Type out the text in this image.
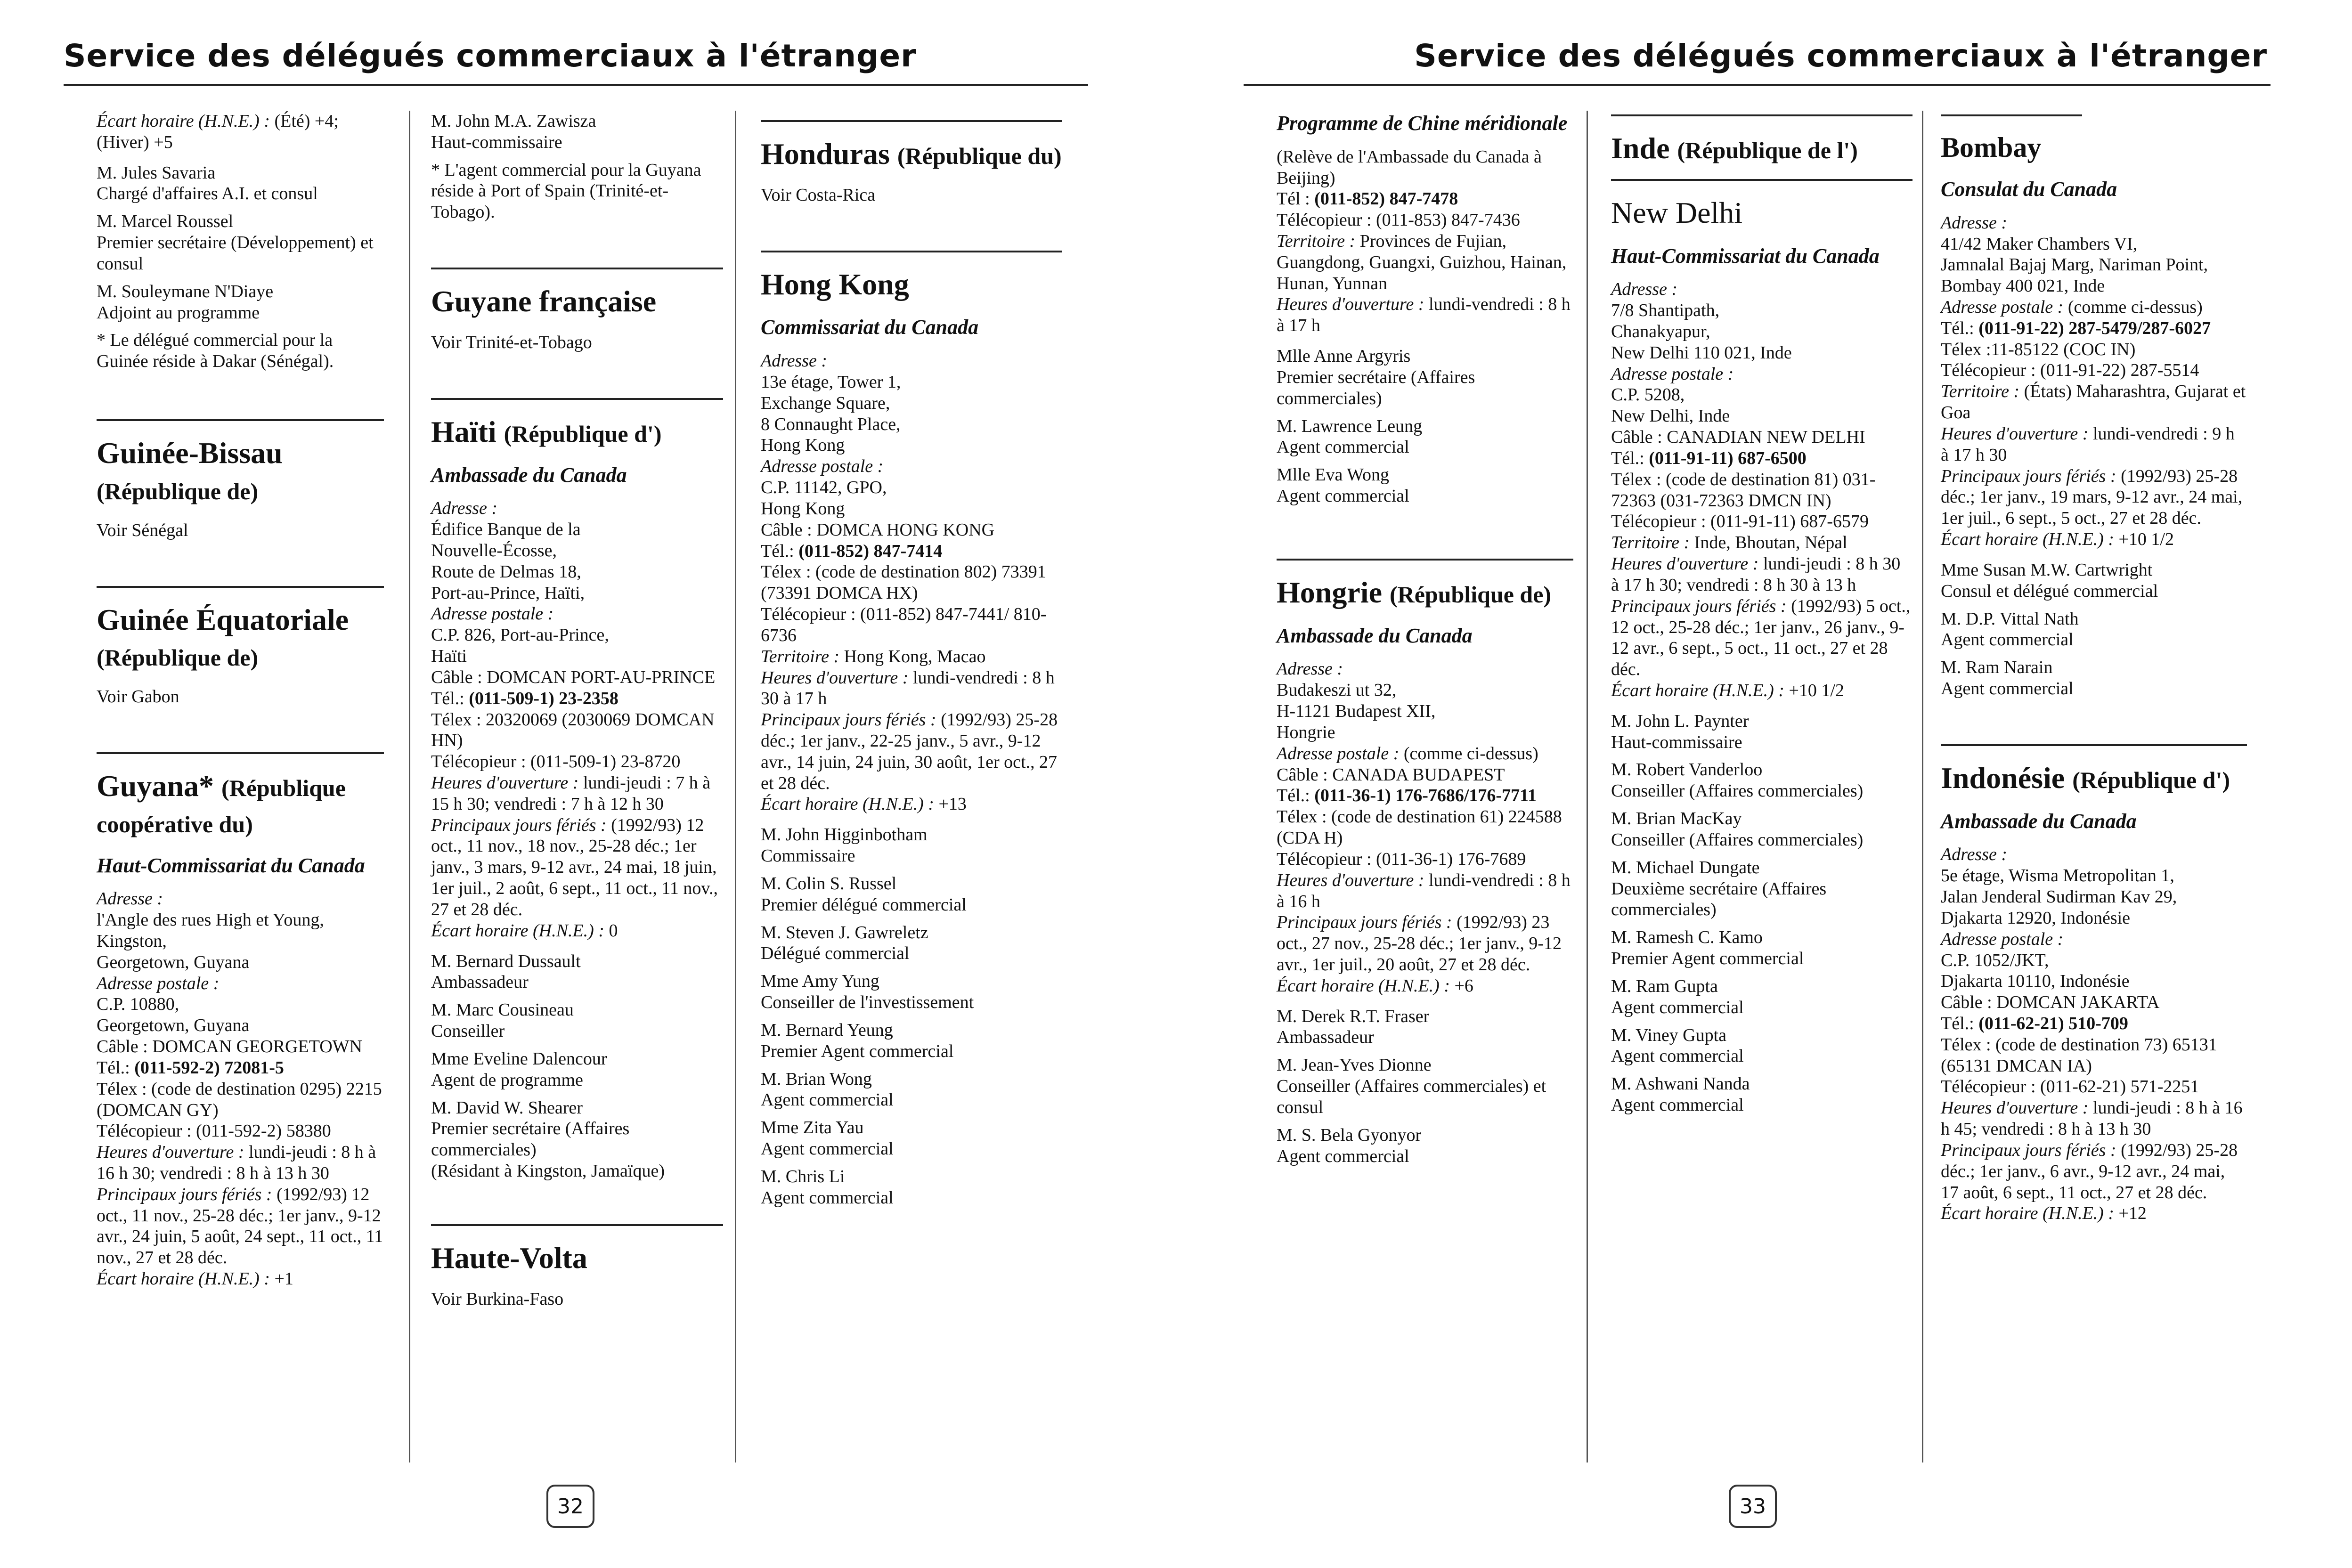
Service des délégués commerciaux à l'étranger

Écart horaire (H.N.E.) : (Été) +4; (Hiver) +5

M. Jules Savaria
Chargé d'affaires A.I. et consul
M. Marcel Roussel
Premier secrétaire (Développement) et consul
M. Souleymane N'Diaye
Adjoint au programme

* Le délégué commercial pour la Guinée réside à Dakar (Sénégal).

Guinée-Bissau
(République de)

Voir Sénégal

Guinée Équatoriale
(République de)

Voir Gabon

Guyana* (République coopérative du)
Haut-Commissariat du Canada
Adresse :
l'Angle des rues High et Young,
Kingston,
Georgetown, Guyana
Adresse postale :
C.P. 10880,
Georgetown, Guyana
Câble : DOMCAN GEORGETOWN
Tél.: (011-592-2) 72081-5
Télex : (code de destination 0295) 2215 (DOMCAN GY)
Télécopieur : (011-592-2) 58380
Heures d'ouverture : lundi-jeudi : 8 h à 16 h 30; vendredi : 8 h à 13 h 30
Principaux jours fériés : (1992/93) 12 oct., 11 nov., 25-28 déc.; 1er janv., 9-12 avr., 24 juin, 5 août, 24 sept., 11 oct., 11 nov., 27 et 28 déc.
Écart horaire (H.N.E.) : +1
M. John M.A. Zawisza
Haut-commissaire

* L'agent commercial pour la Guyana réside à Port of Spain (Trinité-et-Tobago).

Guyane française

Voir Trinité-et-Tobago

Haïti (République d')
Ambassade du Canada
Adresse :
Édifice Banque de la
Nouvelle-Écosse,
Route de Delmas 18,
Port-au-Prince, Haïti,
Adresse postale :
C.P. 826, Port-au-Prince,
Haïti
Câble : DOMCAN PORT-AU-PRINCE
Tél.: (011-509-1) 23-2358
Télex : 20320069 (2030069 DOMCAN HN)
Télécopieur : (011-509-1) 23-8720
Heures d'ouverture : lundi-jeudi : 7 h à 15 h 30; vendredi : 7 h à 12 h 30
Principaux jours fériés : (1992/93) 12 oct., 11 nov., 18 nov., 25-28 déc.; 1er janv., 3 mars, 9-12 avr., 24 mai, 18 juin, 1er juil., 2 août, 6 sept., 11 oct., 11 nov., 27 et 28 déc.
Écart horaire (H.N.E.) : 0
M. Bernard Dussault
Ambassadeur
M. Marc Cousineau
Conseiller
Mme Eveline Dalencour
Agent de programme
M. David W. Shearer
Premier secrétaire (Affaires commerciales)
(Résidant à Kingston, Jamaïque)
Haute-Volta

Voir Burkina-Faso

Honduras (République du)

Voir Costa-Rica

Hong Kong
Commissariat du Canada
Adresse :
13e étage, Tower 1,
Exchange Square,
8 Connaught Place,
Hong Kong
Adresse postale :
C.P. 11142, GPO,
Hong Kong
Câble : DOMCA HONG KONG
Tél.: (011-852) 847-7414
Télex : (code de destination 802) 73391 (73391 DOMCA HX)
Télécopieur : (011-852) 847-7441/ 810-6736
Territoire : Hong Kong, Macao
Heures d'ouverture : lundi-vendredi : 8 h 30 à 17 h
Principaux jours fériés : (1992/93) 25-28 déc.; 1er janv., 22-25 janv., 5 avr., 9-12 avr., 14 juin, 24 juin, 30 août, 1er oct., 27 et 28 déc.
Écart horaire (H.N.E.) : +13
M. John Higginbotham
Commissaire
M. Colin S. Russel
Premier délégué commercial
M. Steven J. Gawreletz
Délégué commercial
Mme Amy Yung
Conseiller de l'investissement
M. Bernard Yeung
Premier Agent commercial
M. Brian Wong
Agent commercial
Mme Zita Yau
Agent commercial
M. Chris Li
Agent commercial
32
Service des délégués commerciaux à l'étranger
Programme de Chine méridionale
(Relève de l'Ambassade du Canada à Beijing)
Tél : (011-852) 847-7478
Télécopieur : (011-853) 847-7436
Territoire : Provinces de Fujian, Guangdong, Guangxi, Guizhou, Hainan, Hunan, Yunnan
Heures d'ouverture : lundi-vendredi : 8 h à 17 h
Mlle Anne Argyris
Premier secrétaire (Affaires commerciales)
M. Lawrence Leung
Agent commercial
Mlle Eva Wong
Agent commercial
Hongrie (République de)
Ambassade du Canada
Adresse :
Budakeszi ut 32,
H-1121 Budapest XII,
Hongrie
Adresse postale : (comme ci-dessus)
Câble : CANADA BUDAPEST
Tél.: (011-36-1) 176-7686/176-7711
Télex : (code de destination 61) 224588 (CDA H)
Télécopieur : (011-36-1) 176-7689
Heures d'ouverture : lundi-vendredi : 8 h à 16 h
Principaux jours fériés : (1992/93) 23 oct., 27 nov., 25-28 déc.; 1er janv., 9-12 avr., 1er juil., 20 août, 27 et 28 déc.
Écart horaire (H.N.E.) : +6
M. Derek R.T. Fraser
Ambassadeur
M. Jean-Yves Dionne
Conseiller (Affaires commerciales) et consul
M. S. Bela Gyonyor
Agent commercial
Inde (République de l')
New Delhi
Haut-Commissariat du Canada
Adresse :
7/8 Shantipath,
Chanakyapur,
New Delhi 110 021, Inde
Adresse postale :
C.P. 5208,
New Delhi, Inde
Câble : CANADIAN NEW DELHI
Tél.: (011-91-11) 687-6500
Télex : (code de destination 81) 031-72363 (031-72363 DMCN IN)
Télécopieur : (011-91-11) 687-6579
Territoire : Inde, Bhoutan, Népal
Heures d'ouverture : lundi-jeudi : 8 h 30 à 17 h 30; vendredi : 8 h 30 à 13 h
Principaux jours fériés : (1992/93) 5 oct., 12 oct., 25-28 déc.; 1er janv., 26 janv., 9-12 avr., 6 sept., 5 oct., 11 oct., 27 et 28 déc.
Écart horaire (H.N.E.) : +10 1/2
M. John L. Paynter
Haut-commissaire
M. Robert Vanderloo
Conseiller (Affaires commerciales)
M. Brian MacKay
Conseiller (Affaires commerciales)
M. Michael Dungate
Deuxième secrétaire (Affaires commerciales)
M. Ramesh C. Kamo
Premier Agent commercial
M. Ram Gupta
Agent commercial
M. Viney Gupta
Agent commercial
M. Ashwani Nanda
Agent commercial
Bombay
Consulat du Canada
Adresse :
41/42 Maker Chambers VI,
Jamnalal Bajaj Marg, Nariman Point,
Bombay 400 021, Inde
Adresse postale : (comme ci-dessus)
Tél.: (011-91-22) 287-5479/287-6027
Télex :11-85122 (COC IN)
Télécopieur : (011-91-22) 287-5514
Territoire : (États) Maharashtra, Gujarat et Goa
Heures d'ouverture : lundi-vendredi : 9 h à 17 h 30
Principaux jours fériés : (1992/93) 25-28 déc.; 1er janv., 19 mars, 9-12 avr., 24 mai, 1er juil., 6 sept., 5 oct., 27 et 28 déc.
Écart horaire (H.N.E.) : +10 1/2
Mme Susan M.W. Cartwright
Consul et délégué commercial
M. D.P. Vittal Nath
Agent commercial
M. Ram Narain
Agent commercial
Indonésie (République d')
Ambassade du Canada
Adresse :
5e étage, Wisma Metropolitan 1,
Jalan Jenderal Sudirman Kav 29,
Djakarta 12920, Indonésie
Adresse postale :
C.P. 1052/JKT,
Djakarta 10110, Indonésie
Câble : DOMCAN JAKARTA
Tél.: (011-62-21) 510-709
Télex : (code de destination 73) 65131 (65131 DMCAN IA)
Télécopieur : (011-62-21) 571-2251
Heures d'ouverture : lundi-jeudi : 8 h à 16 h 45; vendredi : 8 h à 13 h 30
Principaux jours fériés : (1992/93) 25-28 déc.; 1er janv., 6 avr., 9-12 avr., 24 mai, 17 août, 6 sept., 11 oct., 27 et 28 déc.
Écart horaire (H.N.E.) : +12
33
